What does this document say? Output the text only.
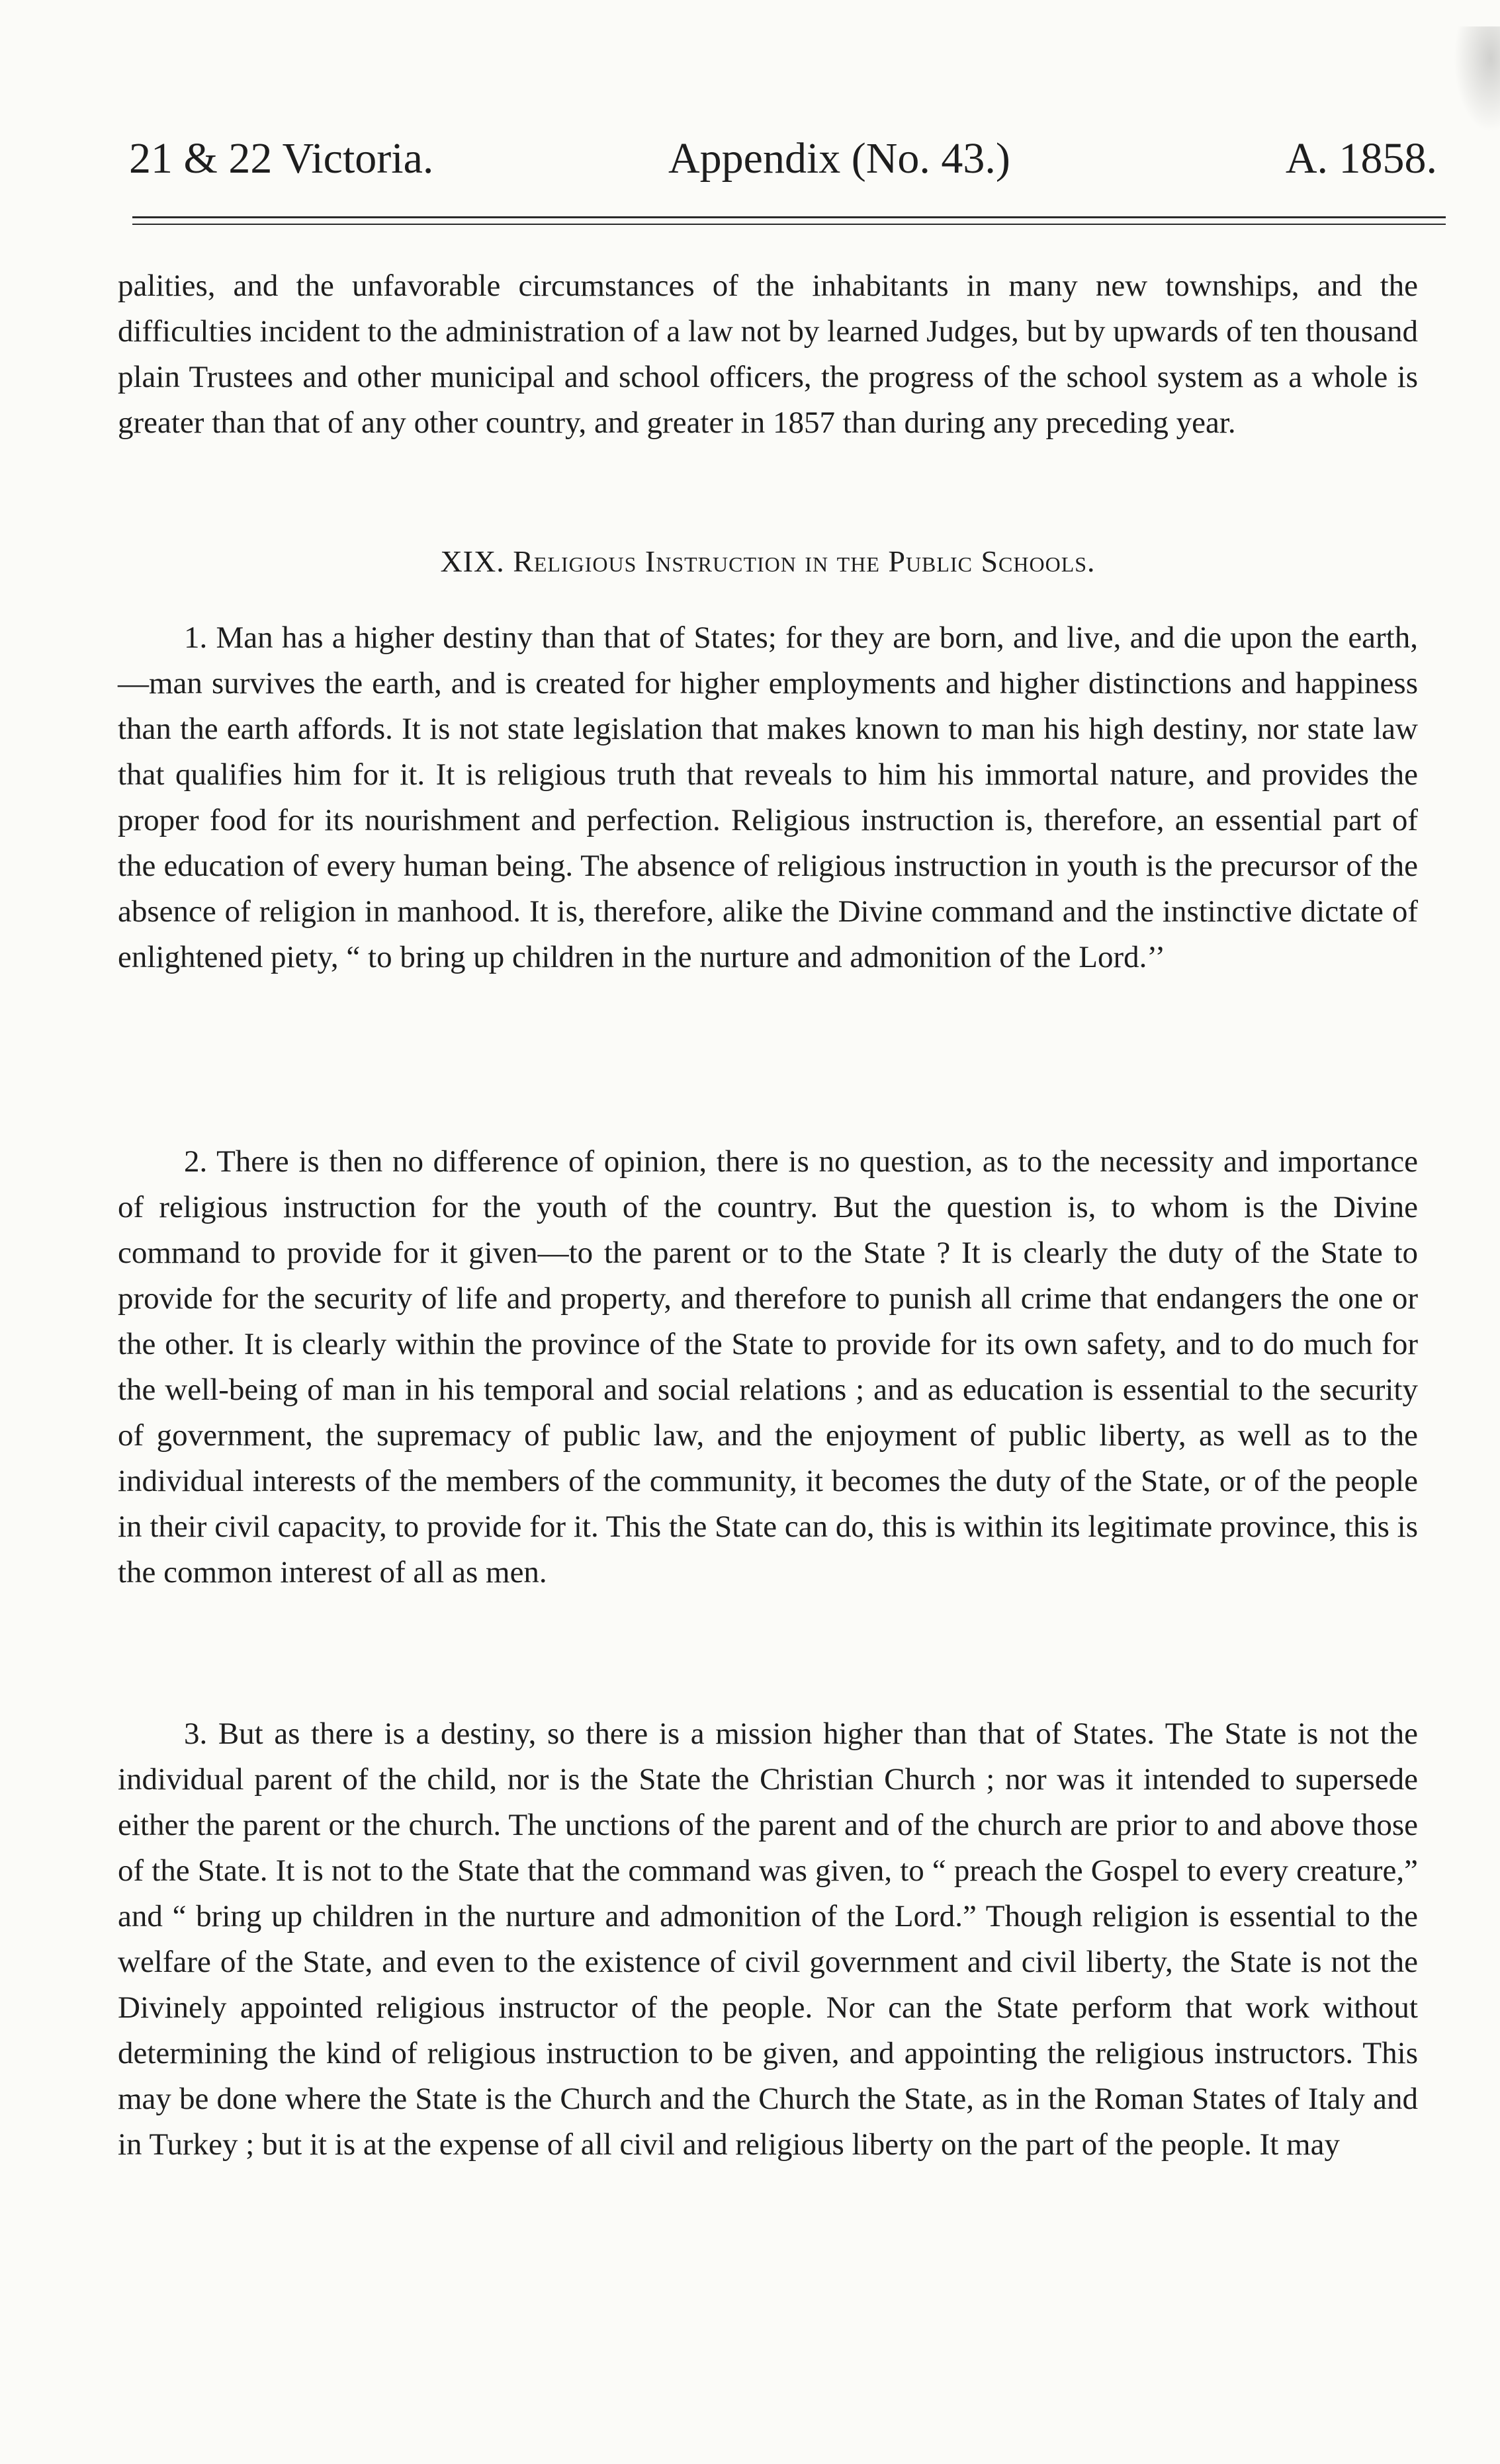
21 & 22 Victoria.	Appendix (No. 43.)	A. 1858.

palities, and the unfavorable circumstances of the inhabitants in many new townships, and the difficulties incident to the administration of a law not by learned Judges, but by upwards of ten thousand plain Trustees and other municipal and school officers, the progress of the school system as a whole is greater than that of any other country, and greater in 1857 than during any preceding year.

XIX. Religious Instruction in the Public Schools.

1. Man has a higher destiny than that of States; for they are born, and live, and die upon the earth,—man survives the earth, and is created for higher employments and higher distinctions and happiness than the earth affords. It is not state legislation that makes known to man his high destiny, nor state law that qualifies him for it. It is religious truth that reveals to him his immortal nature, and provides the proper food for its nourishment and perfection. Religious instruction is, therefore, an essential part of the education of every human being. The absence of religious instruction in youth is the precursor of the absence of religion in manhood. It is, therefore, alike the Divine command and the instinctive dictate of enlightened piety, “ to bring up children in the nurture and admonition of the Lord.’’

2. There is then no difference of opinion, there is no question, as to the necessity and importance of religious instruction for the youth of the country. But the question is, to whom is the Divine command to provide for it given—to the parent or to the State ? It is clearly the duty of the State to provide for the security of life and property, and therefore to punish all crime that endangers the one or the other. It is clearly within the province of the State to provide for its own safety, and to do much for the well-being of man in his temporal and social relations ; and as education is essential to the security of government, the supremacy of public law, and the enjoyment of public liberty, as well as to the individual interests of the members of the community, it becomes the duty of the State, or of the people in their civil capacity, to provide for it. This the State can do, this is within its legitimate province, this is the common interest of all as men.

3. But as there is a destiny, so there is a mission higher than that of States. The State is not the individual parent of the child, nor is the State the Christian Church ; nor was it intended to supersede either the parent or the church. The unctions of the parent and of the church are prior to and above those of the State. It is not to the State that the command was given, to “ preach the Gospel to every creature,” and “ bring up children in the nurture and admonition of the Lord.” Though religion is essential to the welfare of the State, and even to the existence of civil government and civil liberty, the State is not the Divinely appointed religious instructor of the people. Nor can the State perform that work without determining the kind of religious instruction to be given, and appointing the religious instructors. This may be done where the State is the Church and the Church the State, as in the Roman States of Italy and in Turkey ; but it is at the expense of all civil and religious liberty on the part of the people. It may
